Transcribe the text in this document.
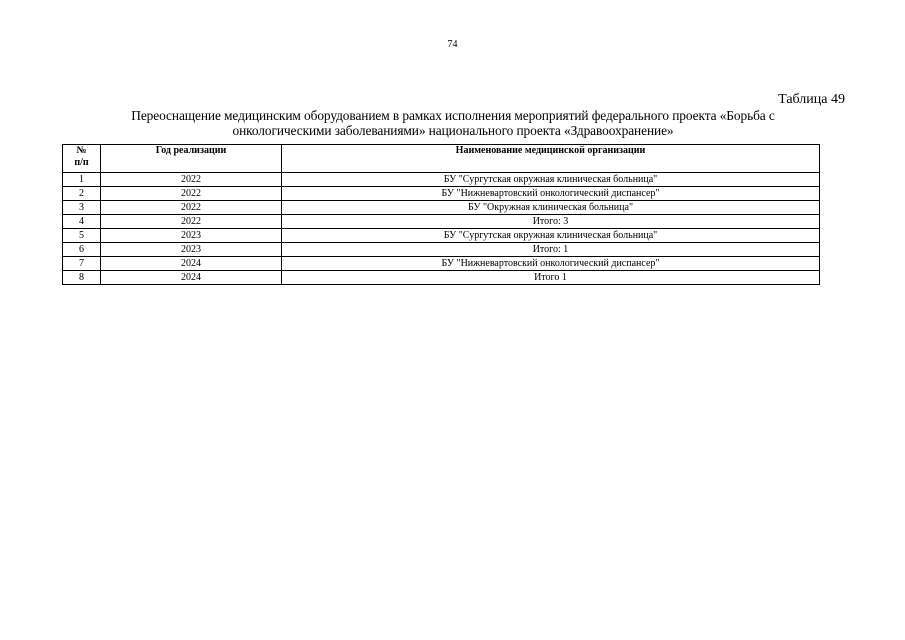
74
Таблица 49
Переоснащение медицинским оборудованием в рамках исполнения мероприятий федерального проекта «Борьба с
онкологическими заболеваниями» национального проекта «Здравоохранение»
№
п/п	Год реализации	Наименование медицинской организации
1	2022	БУ "Сургутская окружная клиническая больница"
2	2022	БУ "Нижневартовский онкологический диспансер"
3	2022	БУ "Окружная клиническая больница"
4	2022	Итого: 3
5	2023	БУ "Сургутская окружная клиническая больница"
6	2023	Итого: 1
7	2024	БУ "Нижневартовский онкологический диспансер"
8	2024	Итого 1
